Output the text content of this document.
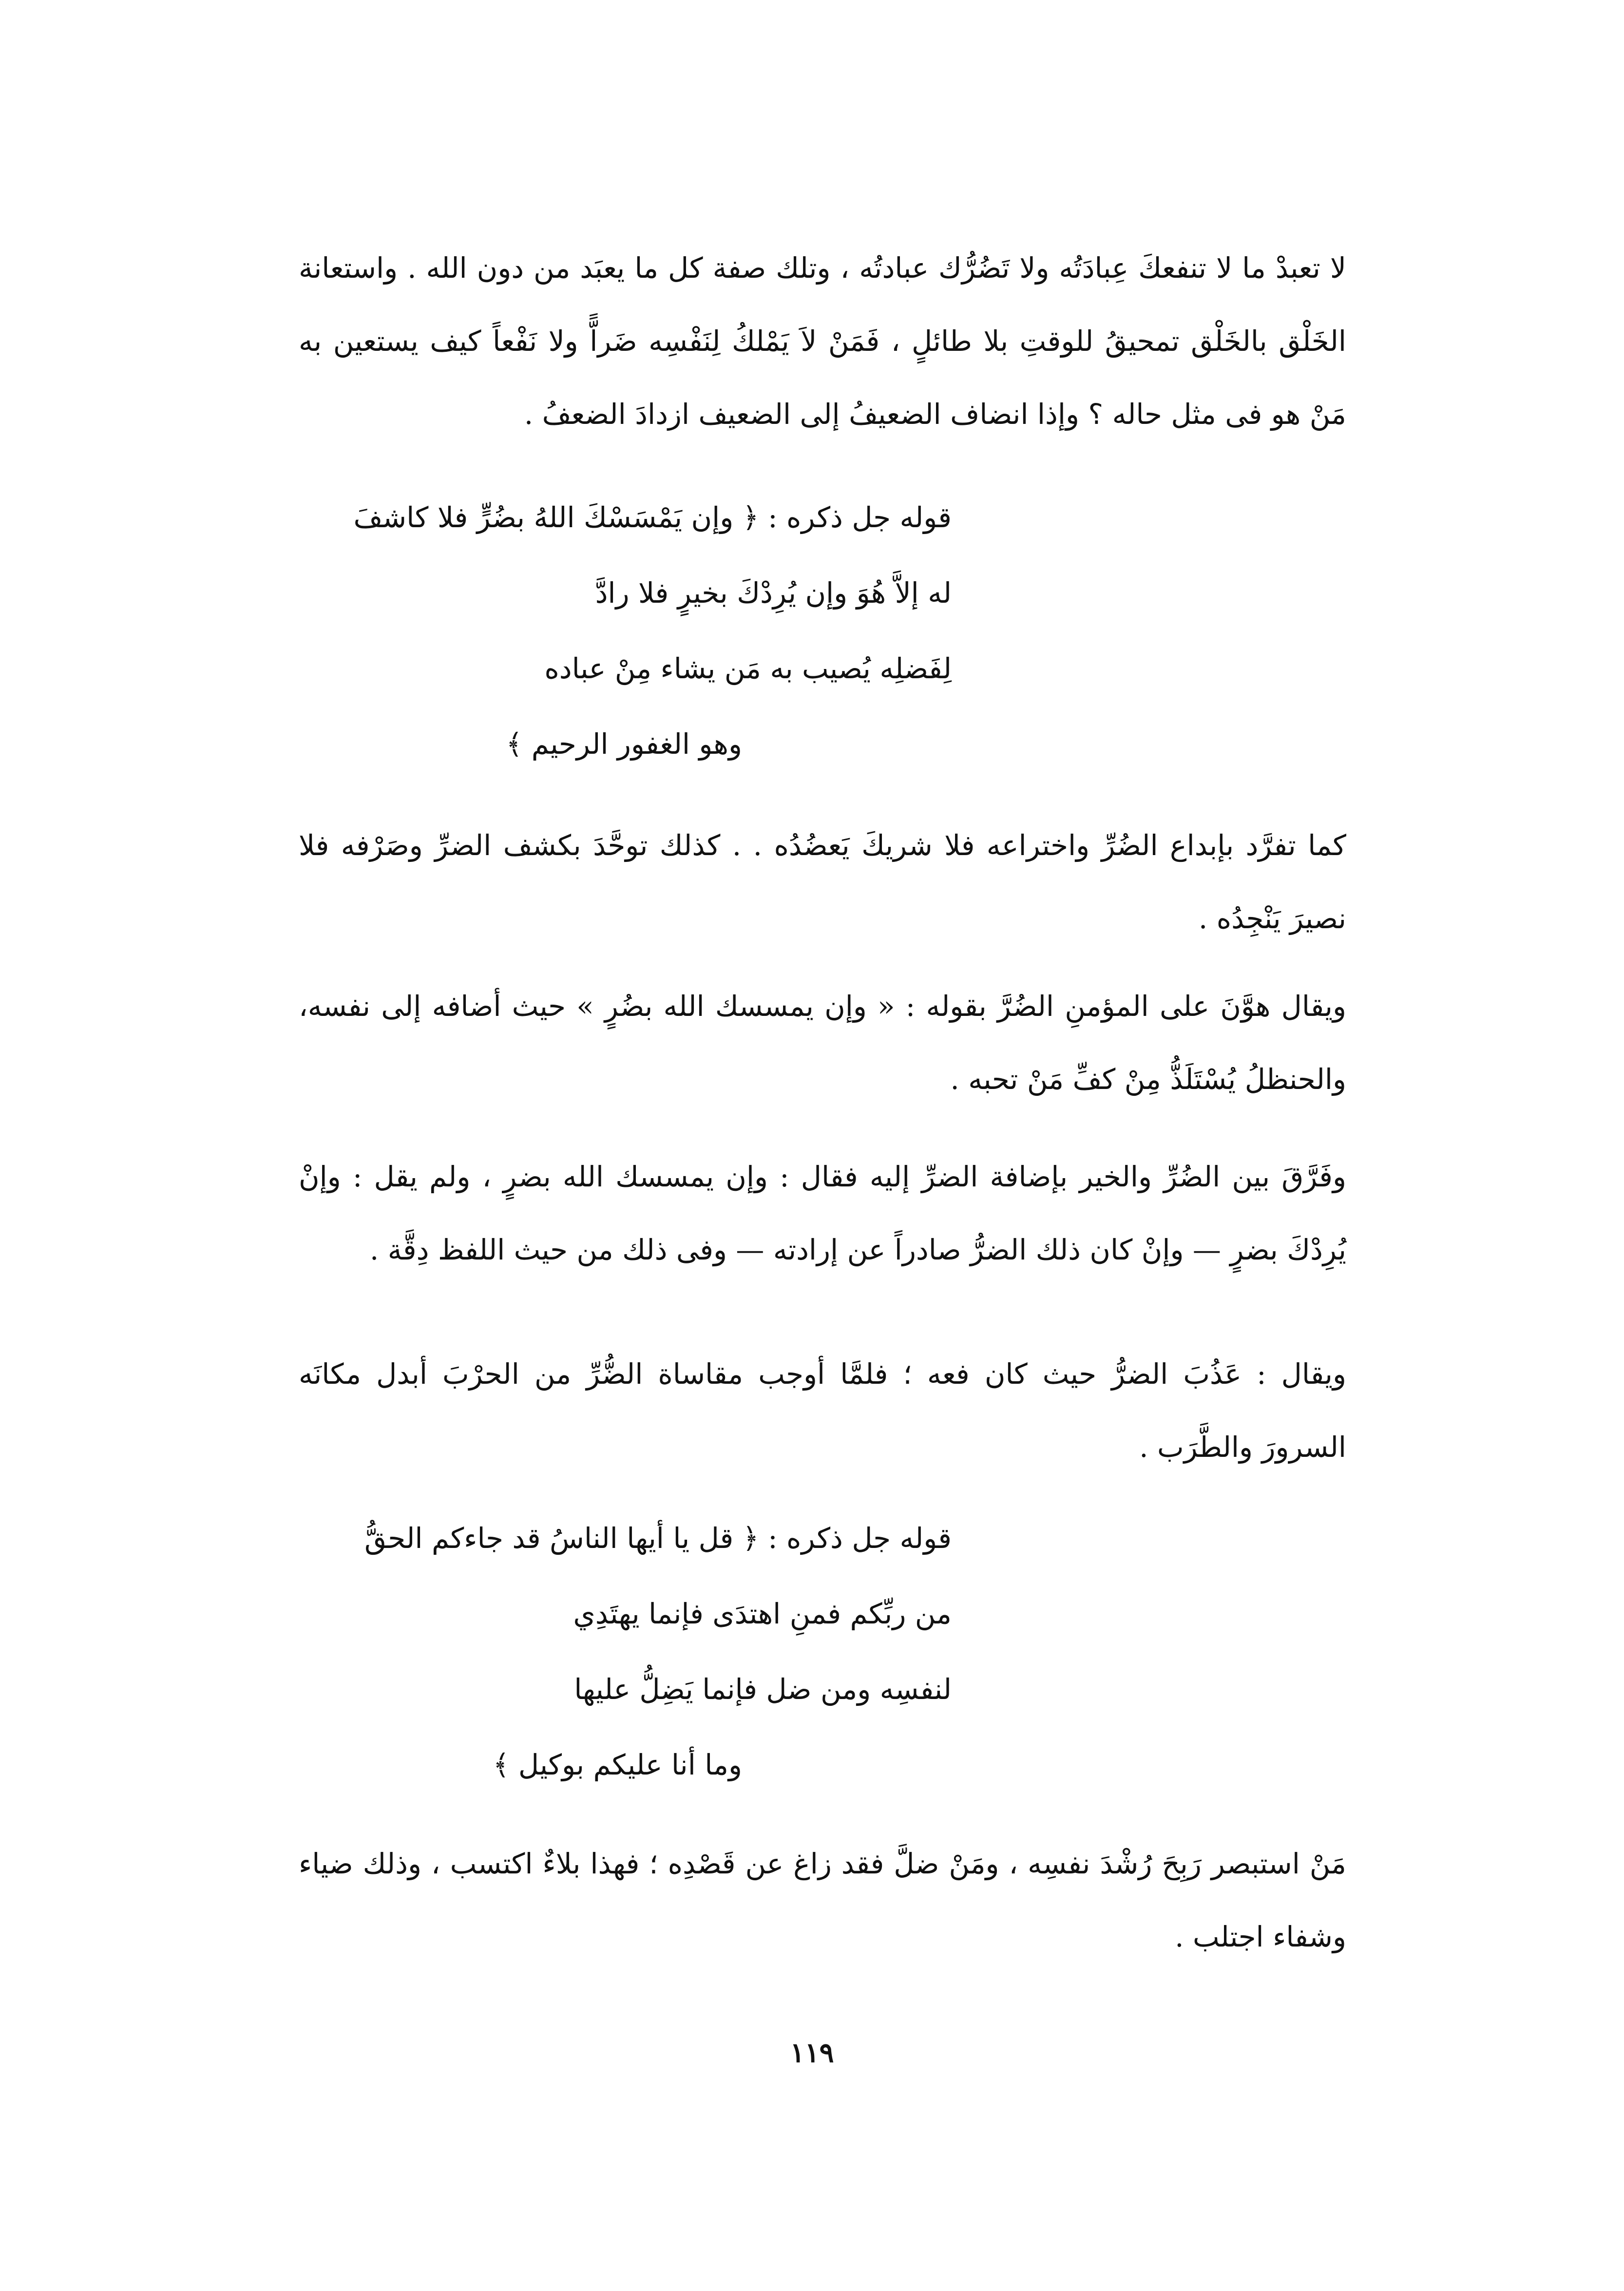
لا تعبدْ ما لا تنفعكَ عِبادَتُه ولا تَضُرُّك عبادتُه ، وتلك صفة كل ما يعبَد من دون الله . واستعانة الخَلْق بالخَلْق تمحيقُ للوقتِ بلا طائلٍ ، فَمَنْ لاَ يَمْلكُ لِنَفْسِه ضَراًّ ولا نَفْعاً كيف يستعين به مَنْ هو فى مثل حاله ؟ وإذا انضاف الضعيفُ إلى الضعيف ازدادَ الضعفُ .

قوله جل ذكره : ﴿ وإن يَمْسَسْكَ اللهُ بضُرٍّ فلا كاشفَ
له إلاَّ هُوَ وإن يُرِدْكَ بخيرٍ فلا رادَّ
لِفَضلِه يُصيب به مَن يشاء مِنْ عباده
وهو الغفور الرحيم ﴾

كما تفرَّد بإبداع الضُرِّ واختراعه فلا شريكَ يَعضُدُه . . كذلك توحَّدَ بكشف الضرِّ وصَرْفه فلا نصيرَ يَنْجِدُه .

ويقال هوَّنَ على المؤمنِ الضُرَّ بقوله : « وإن يمسسك الله بضُرٍ » حيث أضافه إلى نفسه، والحنظلُ يُسْتَلَذُّ مِنْ كفِّ مَنْ تحبه .

وفَرَّقَ بين الضُرِّ والخير بإضافة الضرِّ إليه فقال : وإن يمسسك الله بضرٍ ، ولم يقل : وإنْ يُرِدْكَ بضرٍ — وإنْ كان ذلك الضرُّ صادراً عن إرادته — وفى ذلك من حيث اللفظ دِقَّة .

ويقال : عَذُبَ الضرُّ حيث كان فعه ؛ فلمَّا أوجب مقاساة الضُّرِّ من الحرْبَ أبدل مكانَه السرورَ والطَّرَب .

قوله جل ذكره : ﴿ قل يا أيها الناسُ قد جاءكم الحقُّ
من ربِّكم فمنِ اهتدَى فإنما يهتَدِي
لنفسِه ومن ضل فإنما يَضِلُّ عليها
وما أنا عليكم بوكيل ﴾

مَنْ استبصر رَبِحَ رُشْدَ نفسِه ، ومَنْ ضلَّ فقد زاغ عن قَصْدِه ؛ فهذا بلاءٌ اكتسب ، وذلك ضياء وشفاء اجتلب .

١١٩
